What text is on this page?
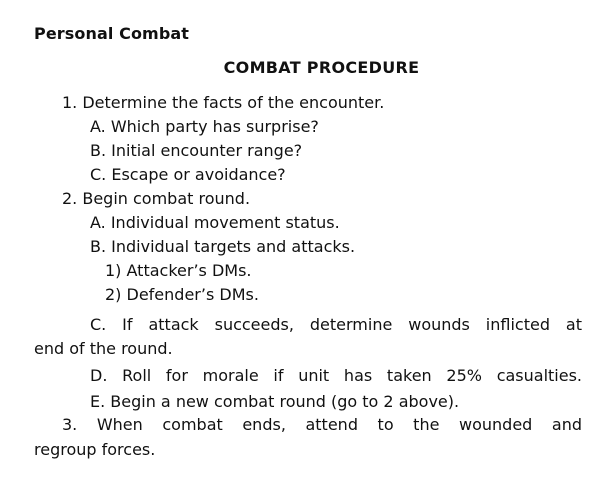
Personal Combat
COMBAT PROCEDURE
1. Determine the facts of the encounter.
A. Which party has surprise?
B. Initial encounter range?
C. Escape or avoidance?
2. Begin combat round.
A. Individual movement status.
B. Individual targets and attacks.
1) Attacker’s DMs.
2) Defender’s DMs.
C. If attack succeeds, determine wounds inflicted at
end of the round.
D. Roll for morale if unit has taken 25% casualties.
E. Begin a new combat round (go to 2 above).
3. When combat ends, attend to the wounded and
regroup forces.
